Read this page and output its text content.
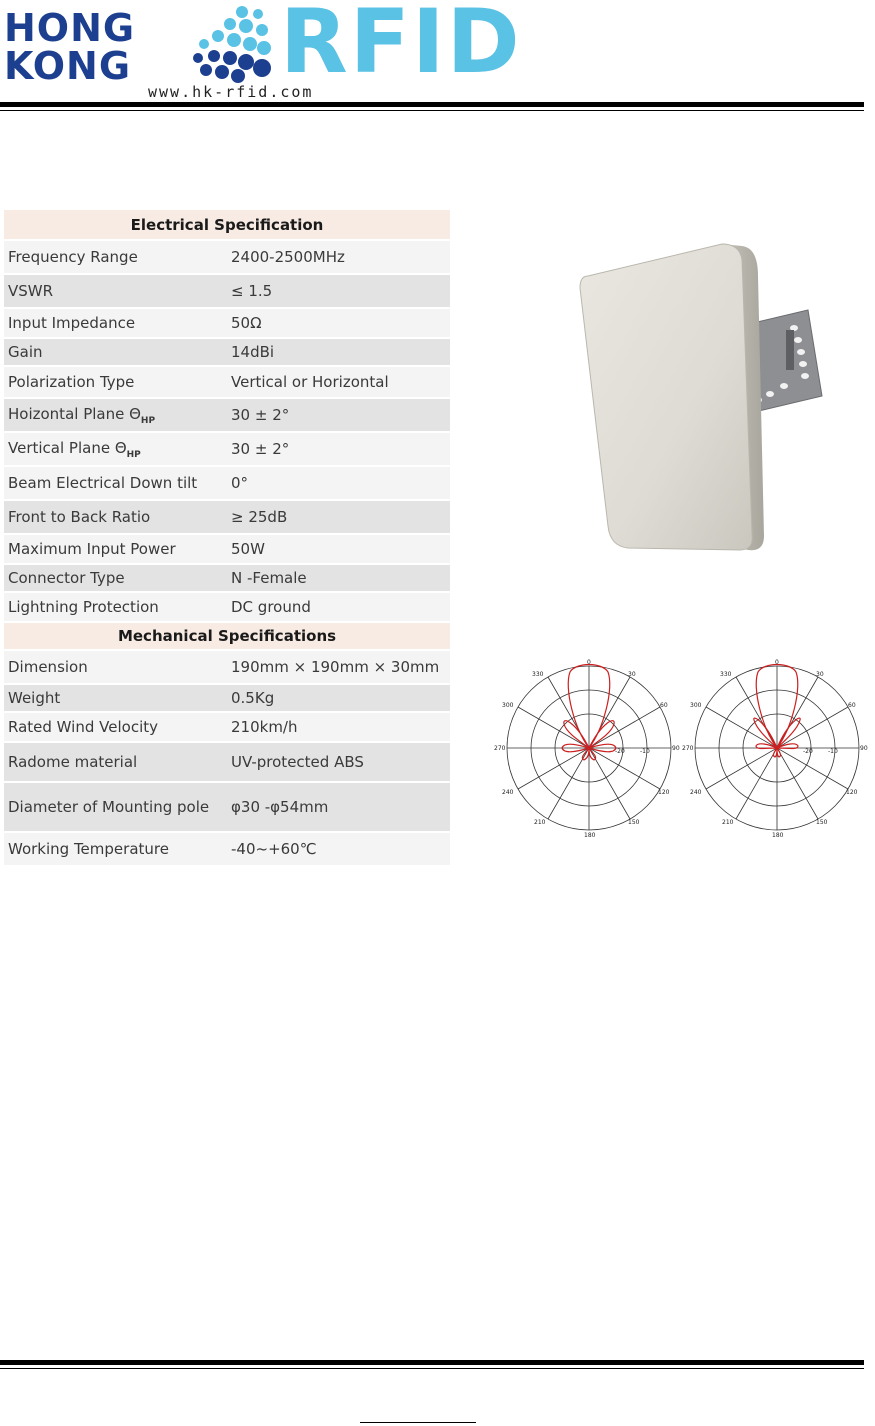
HONG
KONG RFID
www.hk-rfid.com
Electrical Specification	
Frequency Range	2400-2500MHz
VSWR	≤ 1.5
Input Impedance	50Ω
Gain	14dBi
Polarization Type	Vertical or Horizontal
Hoizontal Plane $\Theta_{HP}$	30 ± 2°
Vertical Plane $\Theta_{HP}$	30 ± 2°
Beam Electrical Down tilt	0°
Front to Back Ratio	≥ 25dB
Maximum Input Power	50W
Connector Type	N -Female
Lightning Protection	DC ground
Mechanical Specifications	
Dimension	190mm × 190mm × 30mm
Weight	0.5Kg
Rated Wind Velocity	210km/h
Radome material	UV-protected ABS
Diameter of Mounting pole	φ30 -φ54mm
Working Temperature	-40~+60℃
0
30
60
90
120
150
180
210
240
270
300
330
-20	-10
0
30
60
90
120
150
180
210
240
270
300
330
-20	-10
